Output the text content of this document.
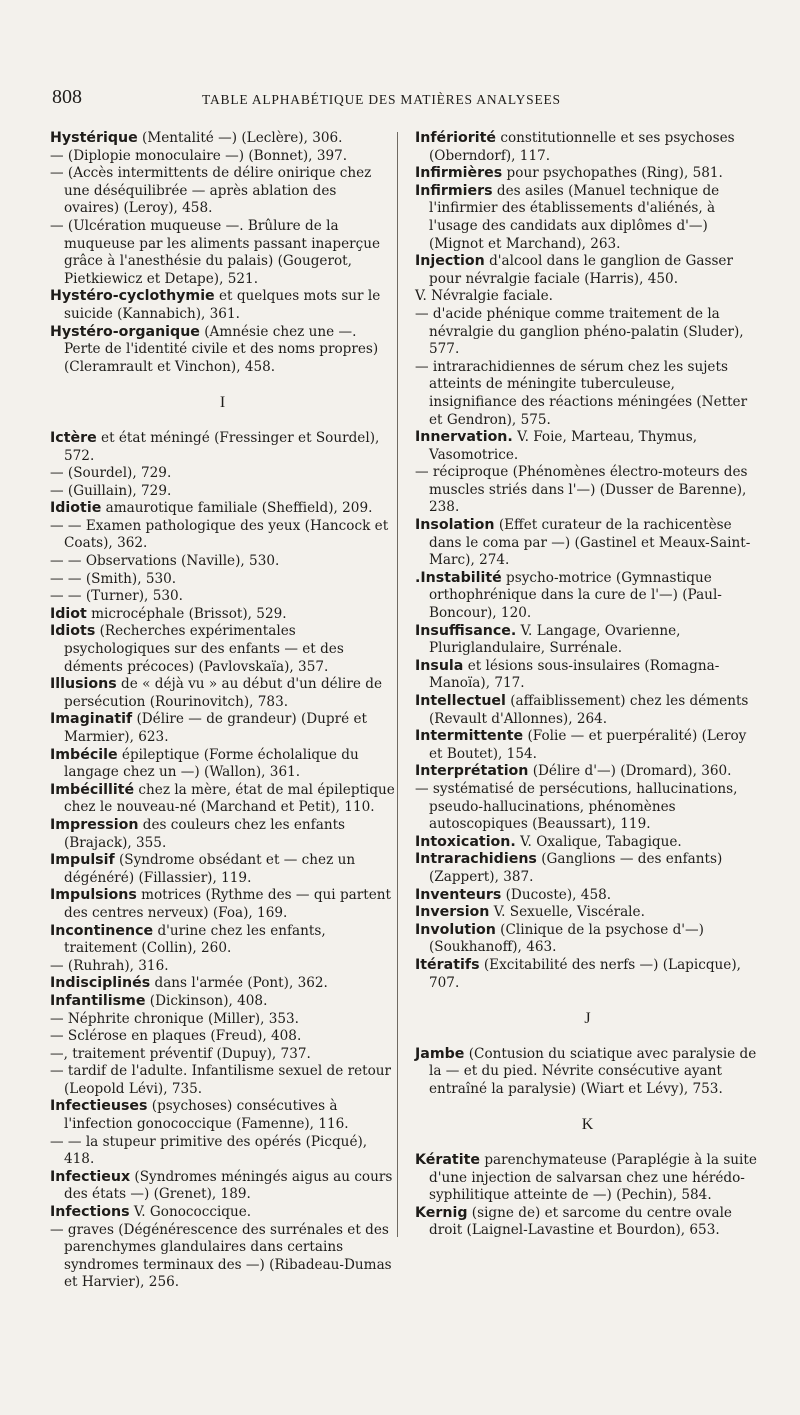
808	TABLE ALPHABÉTIQUE DES MATIÈRES ANALYSEES

Hystérique (Mentalité —) (Leclère), 306.

— (Diplopie monoculaire —) (Bonnet), 397.

— (Accès intermittents de délire onirique chez une déséquilibrée — après ablation des ovaires) (Leroy), 458.

— (Ulcération muqueuse —. Brûlure de la muqueuse par les aliments passant inaperçue grâce à l'anesthésie du palais) (Gougerot, Pietkiewicz et Detape), 521.

Hystéro-cyclothymie et quelques mots sur le suicide (Kannabich), 361.

Hystéro-organique (Amnésie chez une —. Perte de l'identité civile et des noms propres) (Cleramrault et Vinchon), 458.

I

Ictère et état méningé (Fressinger et Sourdel), 572.

— (Sourdel), 729.

— (Guillain), 729.

Idiotie amaurotique familiale (Sheffield), 209.

— — Examen pathologique des yeux (Hancock et Coats), 362.

— — Observations (Naville), 530.

— — (Smith), 530.

— — (Turner), 530.

Idiot microcéphale (Brissot), 529.

Idiots (Recherches expérimentales psychologiques sur des enfants — et des déments précoces) (Pavlovskaïa), 357.

Illusions de « déjà vu » au début d'un délire de persécution (Rourinovitch), 783.

Imaginatif (Délire — de grandeur) (Dupré et Marmier), 623.

Imbécile épileptique (Forme écholalique du langage chez un —) (Wallon), 361.

Imbécillité chez la mère, état de mal épileptique chez le nouveau-né (Marchand et Petit), 110.

Impression des couleurs chez les enfants (Brajack), 355.

Impulsif (Syndrome obsédant et — chez un dégénéré) (Fillassier), 119.

Impulsions motrices (Rythme des — qui partent des centres nerveux) (Foa), 169.

Incontinence d'urine chez les enfants, traitement (Collin), 260.

— (Ruhrah), 316.

Indisciplinés dans l'armée (Pont), 362.

Infantilisme (Dickinson), 408.

— Néphrite chronique (Miller), 353.

— Sclérose en plaques (Freud), 408.

—, traitement préventif (Dupuy), 737.

— tardif de l'adulte. Infantilisme sexuel de retour (Leopold Lévi), 735.

Infectieuses (psychoses) consécutives à l'infection gonococcique (Famenne), 116.

— — la stupeur primitive des opérés (Picqué), 418.

Infectieux (Syndromes méningés aigus au cours des états —) (Grenet), 189.

Infections V. Gonococcique.

— graves (Dégénérescence des surrénales et des parenchymes glandulaires dans certains syndromes terminaux des —) (Ribadeau-Dumas et Harvier), 256.

Infériorité constitutionnelle et ses psychoses (Oberndorf), 117.

Infirmières pour psychopathes (Ring), 581.

Infirmiers des asiles (Manuel technique de l'infirmier des établissements d'aliénés, à l'usage des candidats aux diplômes d'—) (Mignot et Marchand), 263.

Injection d'alcool dans le ganglion de Gasser pour névralgie faciale (Harris), 450.

V. Névralgie faciale.

— d'acide phénique comme traitement de la névralgie du ganglion phéno-palatin (Sluder), 577.

— intrarachidiennes de sérum chez les sujets atteints de méningite tuberculeuse, insignifiance des réactions méningées (Netter et Gendron), 575.

Innervation. V. Foie, Marteau, Thymus, Vasomotrice.

— réciproque (Phénomènes électro-moteurs des muscles striés dans l'—) (Dusser de Barenne), 238.

Insolation (Effet curateur de la rachicentèse dans le coma par —) (Gastinel et Meaux-Saint-Marc), 274.

.Instabilité psycho-motrice (Gymnastique orthophrénique dans la cure de l'—) (Paul-Boncour), 120.

Insuffisance. V. Langage, Ovarienne, Pluriglandulaire, Surrénale.

Insula et lésions sous-insulaires (Romagna-Manoïa), 717.

Intellectuel (affaiblissement) chez les déments (Revault d'Allonnes), 264.

Intermittente (Folie — et puerpéralité) (Leroy et Boutet), 154.

Interprétation (Délire d'—) (Dromard), 360.

— systématisé de persécutions, hallucinations, pseudo-hallucinations, phénomènes autoscopiques (Beaussart), 119.

Intoxication. V. Oxalique, Tabagique.

Intrarachidiens (Ganglions — des enfants) (Zappert), 387.

Inventeurs (Ducoste), 458.

Inversion V. Sexuelle, Viscérale.

Involution (Clinique de la psychose d'—) (Soukhanoff), 463.

Itératifs (Excitabilité des nerfs —) (Lapicque), 707.

J

Jambe (Contusion du sciatique avec paralysie de la — et du pied. Névrite consécutive ayant entraîné la paralysie) (Wiart et Lévy), 753.

K

Kératite parenchymateuse (Paraplégie à la suite d'une injection de salvarsan chez une hérédo-syphilitique atteinte de —) (Pechin), 584.

Kernig (signe de) et sarcome du centre ovale droit (Laignel-Lavastine et Bourdon), 653.
